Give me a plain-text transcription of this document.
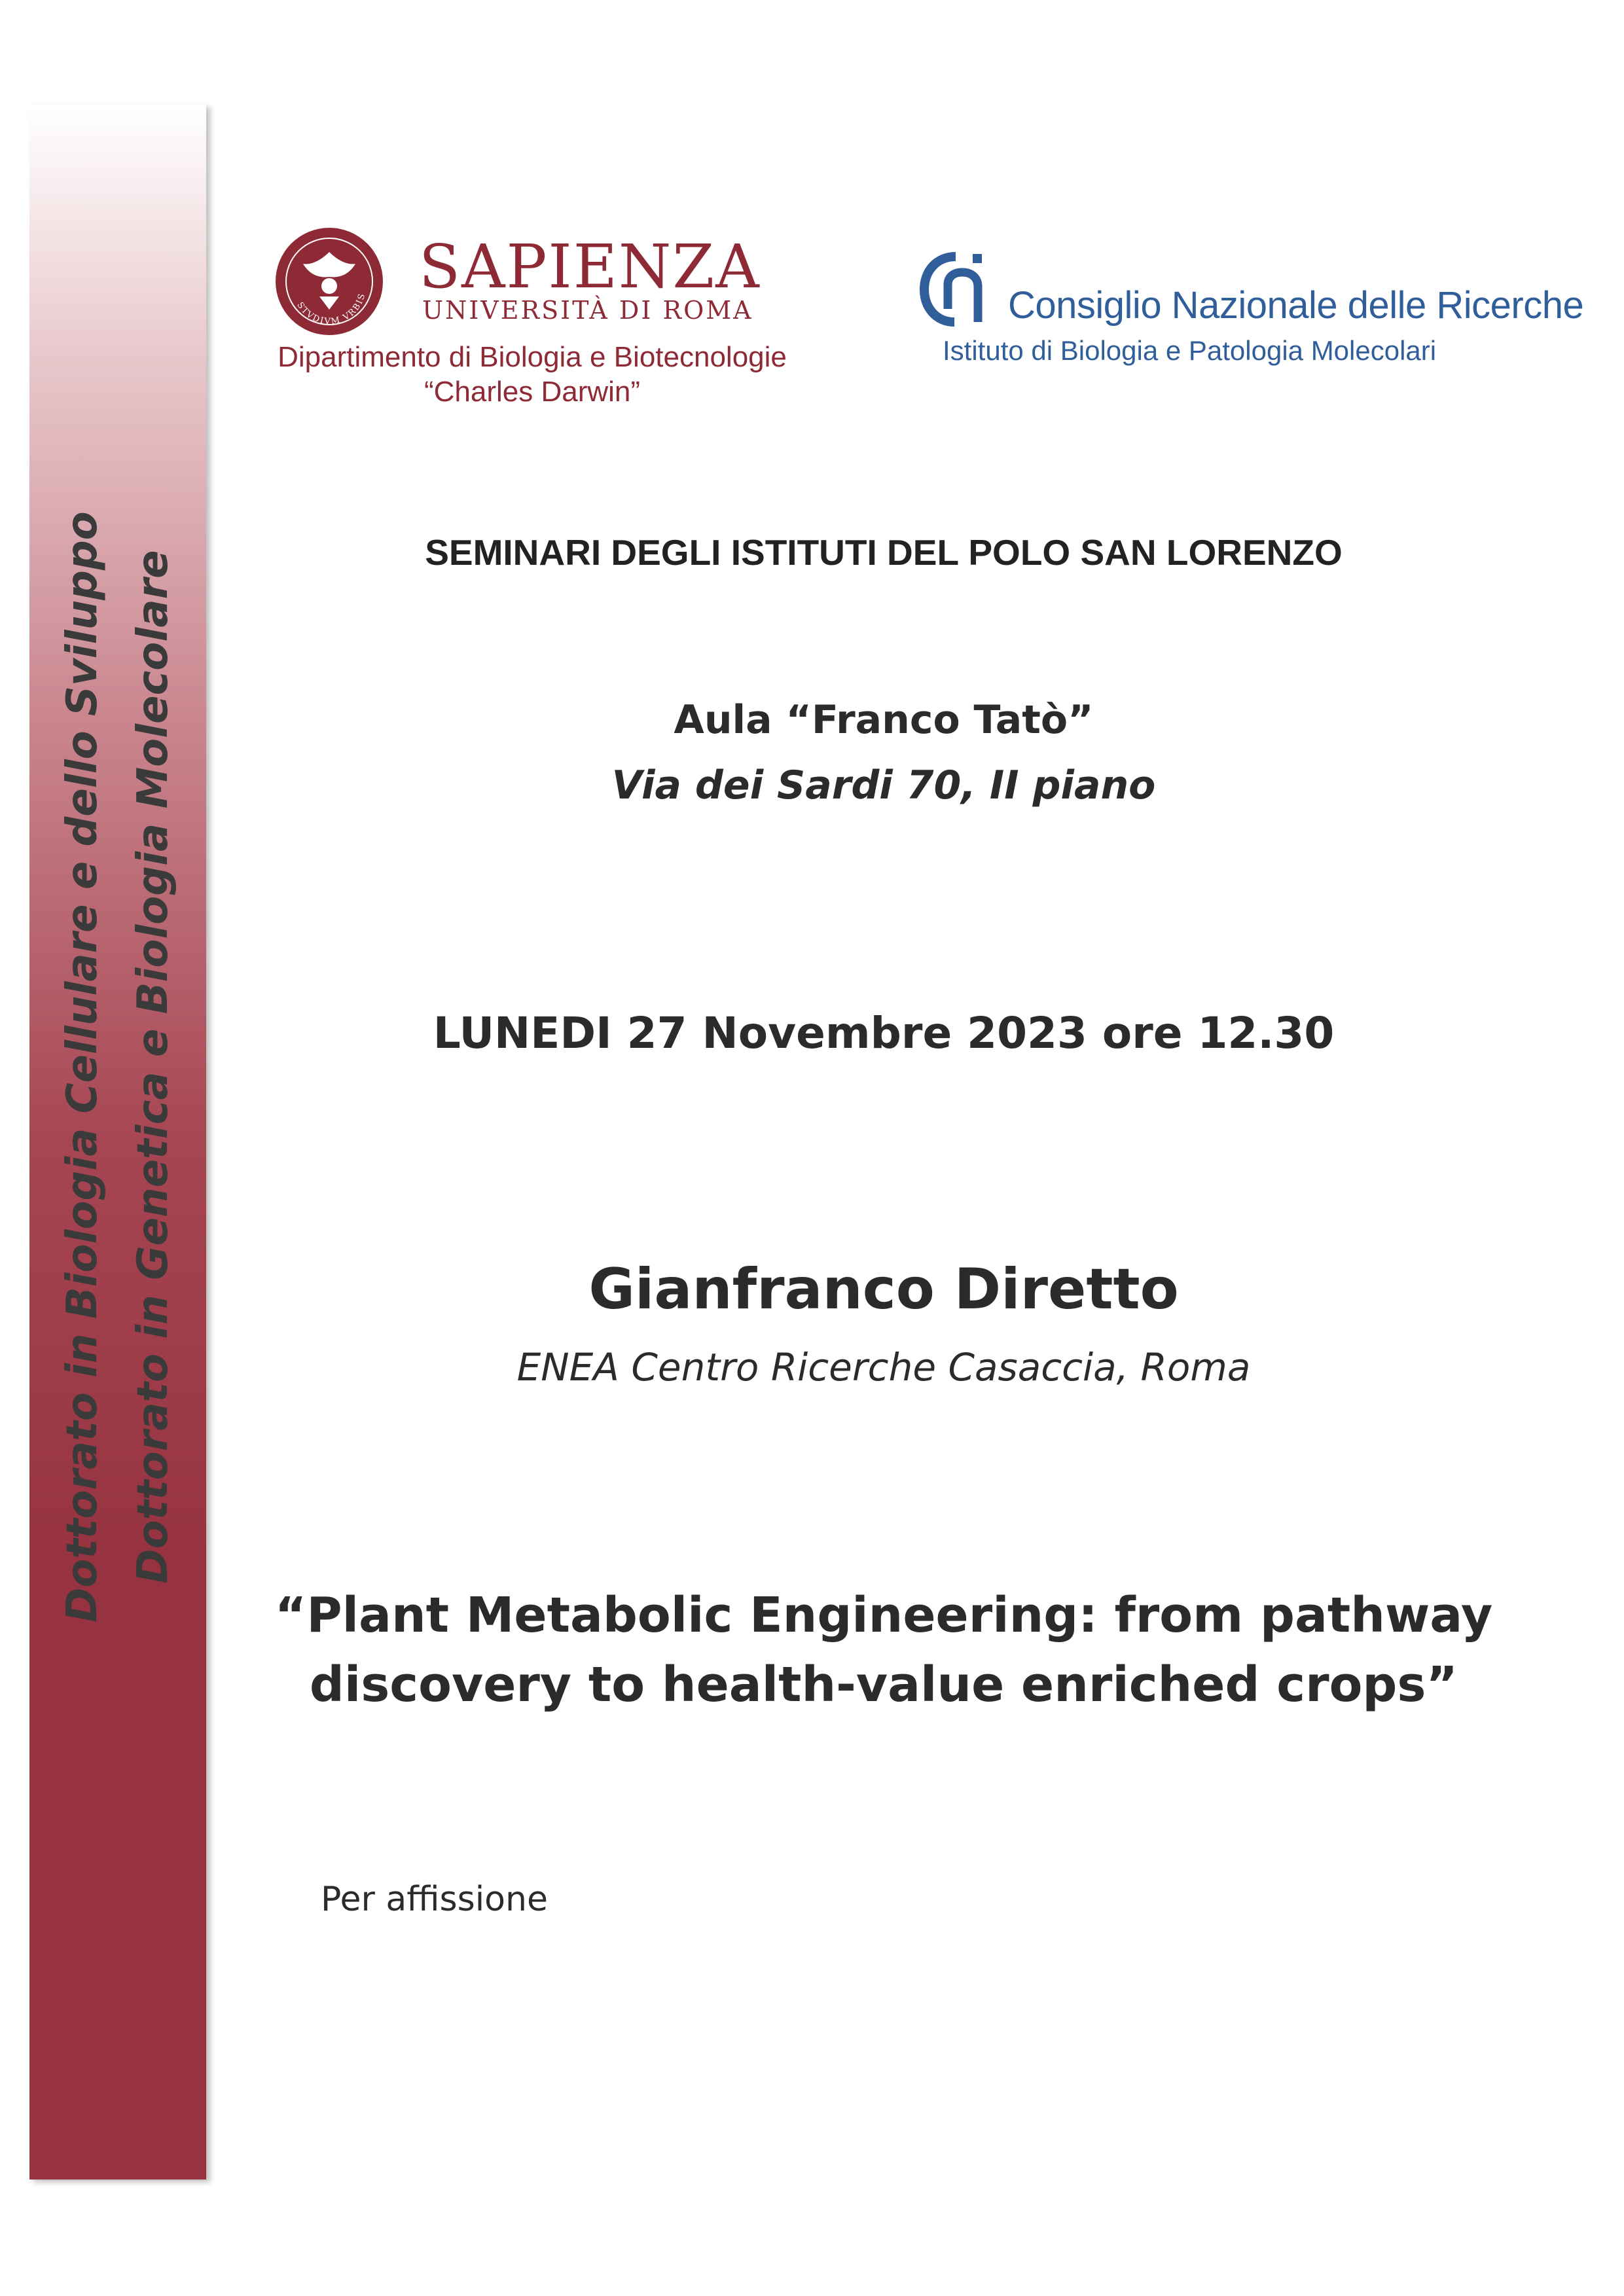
Dottorato in Biologia Cellulare e dello Sviluppo Dottorato in Genetica e Biologia Molecolare
STVDIVM VRBIS SAPIENZA
UNIVERSITÀ DI ROMA
Dipartimento di Biologia e Biotecnologie
“Charles Darwin”
Consiglio Nazionale delle Ricerche
Istituto di Biologia e Patologia Molecolari
SEMINARI DEGLI ISTITUTI DEL POLO SAN LORENZO
Aula “Franco Tatò”
Via dei Sardi 70, II piano
LUNEDI 27 Novembre 2023 ore 12.30
Gianfranco Diretto
ENEA Centro Ricerche Casaccia, Roma
“Plant Metabolic Engineering: from pathway
discovery to health-value enriched crops”
Per affissione
